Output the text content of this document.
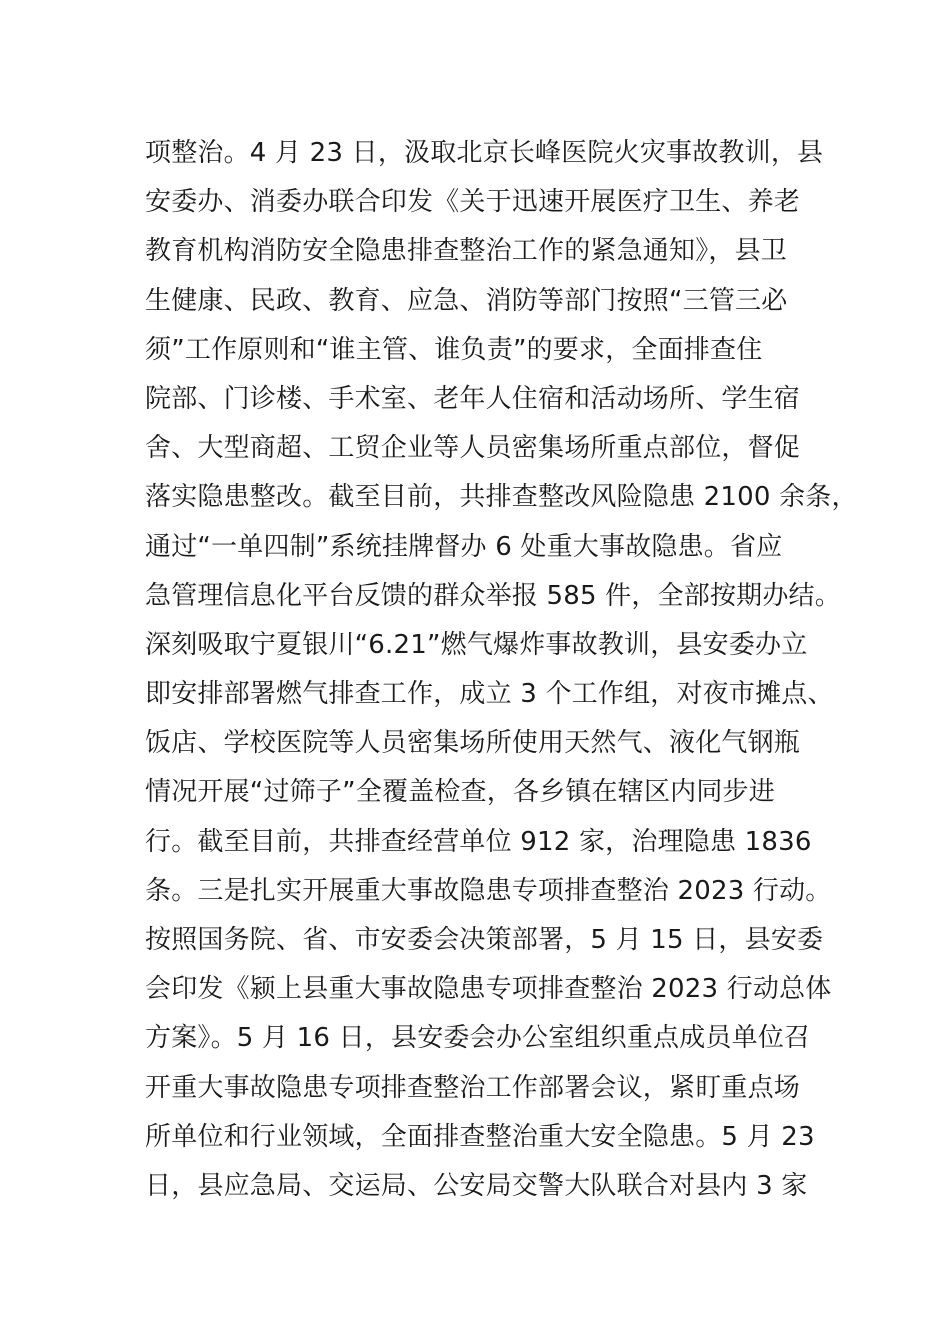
项整治。4 月 23 日，汲取北京长峰医院火灾事故教训，县
安委办、消委办联合印发《关于迅速开展医疗卫生、养老
教育机构消防安全隐患排查整治工作的紧急通知》，县卫
生健康、民政、教育、应急、消防等部门按照“三管三必
须”工作原则和“谁主管、谁负责”的要求，全面排查住
院部、门诊楼、手术室、老年人住宿和活动场所、学生宿
舍、大型商超、工贸企业等人员密集场所重点部位，督促
落实隐患整改。截至目前，共排查整改风险隐患 2100 余条，
通过“一单四制”系统挂牌督办 6 处重大事故隐患。省应
急管理信息化平台反馈的群众举报 585 件，全部按期办结。
深刻吸取宁夏银川“6.21”燃气爆炸事故教训，县安委办立
即安排部署燃气排查工作，成立 3 个工作组，对夜市摊点、
饭店、学校医院等人员密集场所使用天然气、液化气钢瓶
情况开展“过筛子”全覆盖检查，各乡镇在辖区内同步进
行。截至目前，共排查经营单位 912 家，治理隐患 1836
条。三是扎实开展重大事故隐患专项排查整治 2023 行动。
按照国务院、省、市安委会决策部署，5 月 15 日，县安委
会印发《颍上县重大事故隐患专项排查整治 2023 行动总体
方案》。5 月 16 日，县安委会办公室组织重点成员单位召
开重大事故隐患专项排查整治工作部署会议，紧盯重点场
所单位和行业领域，全面排查整治重大安全隐患。5 月 23
日，县应急局、交运局、公安局交警大队联合对县内 3 家
